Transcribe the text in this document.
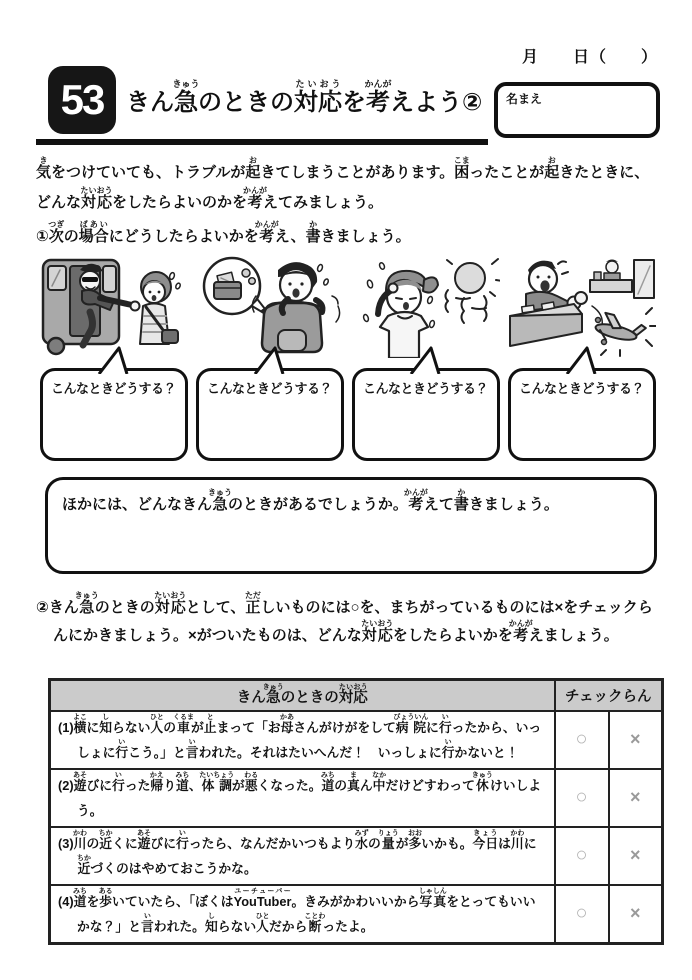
月　　日（　　）
53 きん急きゅうのときの対応たいおうを考かんがえよう②	名まえ

気きをつけていても、トラブルが起おきてしまうことがあります。困こまったことが起おきたときに、どんな対応たいおうをしたらよいのかを考かんがえてみましょう。

①次つぎの場合ばあいにどうしたらよいかを考かんがえ、書かきましょう。

こんなときどうする？	こんなときどうする？	こんなときどうする？	こんなときどうする？
ほかには、どんなきん急きゅうのときがあるでしょうか。考かんがえて書かきましょう。

②きん急きゅうのときの対応たいおうとして、正ただしいものには○を、まちがっているものには×をチェックらんにかきましょう。×がついたものは、どんな対応たいおうをしたらよいかを考かんがえましょう。

きん急きゅうのときの対応たいおう	チェックらん	
(1)横よこに知しらない人ひとの車くるまが止とまって「お母かあさんがけがをして病院びょういんに行いったから、いっしょに行いこう。」と言いわれた。それはたいへんだ！　いっしょに行いかないと！	○	×
(2)遊あそびに行いった帰かえり道みち、体調たいちょうが悪わるくなった。道みちの真まん中なかだけどすわって休きゅうけいしよう。	○	×
(3)川かわの近ちかくに遊あそびに行いったら、なんだかいつもより水みずの量りょうが多おおいかも。今日きょうは川かわに近ちかづくのはやめておこうかな。	○	×
(4)道みちを歩あるいていたら、「ぼくはYouTuberユーチューバー。きみがかわいいから写真しゃしんをとってもいいかな？」と言いわれた。知しらない人ひとだから断ことわったよ。	○	×
